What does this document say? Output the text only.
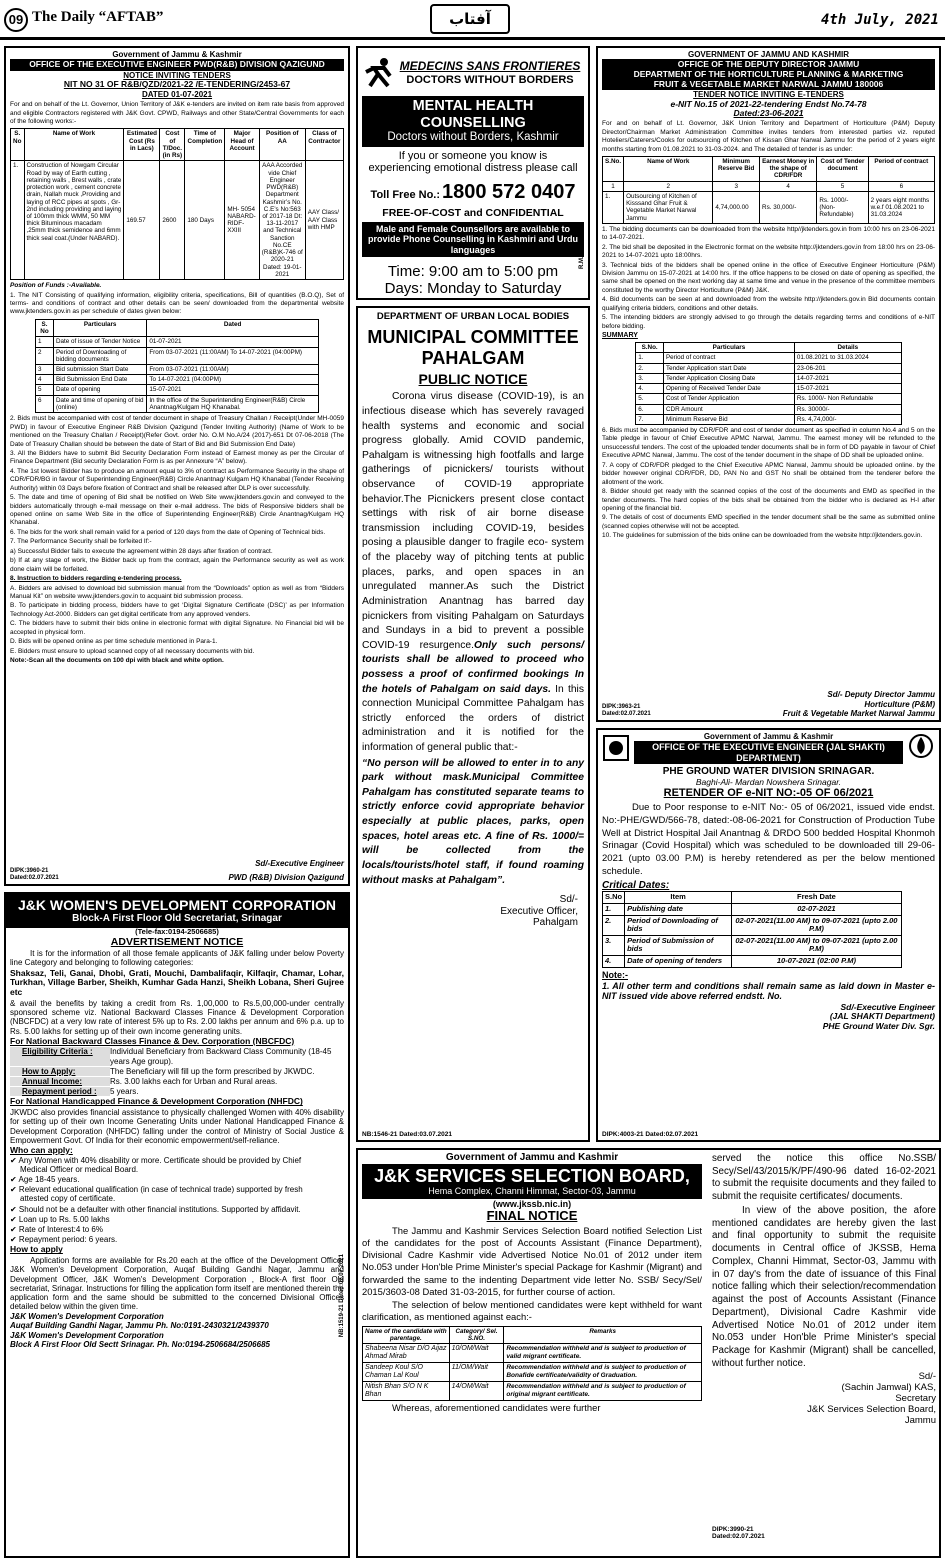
09 The Daily “AFTAB”	آفتاب	4th July, 2021
Government of Jammu & Kashmir
OFFICE OF THE EXECUTIVE ENGINEER PWD(R&B) DIVISION QAZIGUND
NOTICE INVITING TENDERS
NIT NO 31 OF R&B/QZD/2021-22 /E-TENDERING/2453-67
DATED 01-07-2021

For and on behalf of the Lt. Governor, Union Territory of J&K e-tenders are invited on item rate basis from approved and eligible Contractors registered with J&K Govt. CPWD, Railways and other State/Central Governments for each of the following works:-

S. No	Name of Work	Estimated Cost (Rs in Lacs)	Cost of T/Doc. (in Rs)	Time of Completion	Major Head of Account	Position of AA	Class of Contractor
1.	Construction of Nowgam Circular Road by way of Earth cutting , retaining walls , Brest walls , crate protection work , cement concrete drain, Nallah muck ,Providing and laying of RCC pipes at spots , Gr-2nd including providing and laying of 100mm thick WMM, 50 MM thick Bituminous macadam ,25mm thick semidence and 6mm thick seal coat.(Under NABARD).	169.57	2600	180 Days	MH- 5054 NABARD- RIDF- XXIII	AAA Accorded vide Chief Engineer PWD(R&B) Department Kashmir’s No. C.E’s No:563 of 2017-18 Dt: 13-11-2017 and Technical Sanction No.CE (R&B)K-746 of 2020-21 Dated: 19-01-2021	AAY Class/ AAY Class with HMP
Position of Funds :-Available.

1. The NIT Consisting of qualifying information, eligibility criteria, specifications, Bill of quantities (B.O.Q), Set of terms- and conditions of contract and other details can be seen/ downloaded from the departmental website www.jktenders.gov.in as per schedule of dates given below:

S. No	Particulars	Dated
1	Date of issue of Tender Notice	01-07-2021
2	Period of Downloading of bidding documents	From 03-07-2021 (11:00AM) To 14-07-2021 (04:00PM)
3	Bid submission Start Date	From 03-07-2021 (11:00AM)
4	Bid Submission End Date	To 14-07-2021 (04:00PM)
5	Date of opening	15-07-2021
6	Date and time of opening of bid (online)	In the office of the Superintending Engineer(R&B) Circle Anantnag/Kulgam HQ Khanabal.

2. Bids must be accompanied with cost of tender document in shape of Treasury Challan / Receipt(Under MH-0059 PWD) in favour of Executive Engineer R&B Division Qazigund (Tender Inviting Authority) (Name of Work to be mentioned on the Treasury Challan / Receipt)(Refer Govt. order No. O.M No.A/24 (2017)-651 Dt 07-06-2018 (The Date of Treasury Challan should be between the date of Start of Bid and Bid Submission End Date)

3. All the Bidders have to submit Bid Security Declaration Form instead of Earnest money as per the Circular of Finance Department (Bid security Declaration Form is as per Annexure “A” below).

4. The 1st lowest Bidder has to produce an amount equal to 3% of contract as Performance Security in the shape of CDR/FDR/BG in favour of Superintending Engineer(R&B) Circle Anantnag/ Kulgam HQ Khanabal (Tender Receiving Authority) within 03 Days before fixation of Contract and shall be released after DLP is over successfully.

5. The date and time of opening of Bid shall be notified on Web Site www.jktenders.gov.in and conveyed to the bidders automatically through e-mail message on their e-mail address. The bids of Responsive bidders shall be opened online on same Web Site in the office of Superintending Engineer(R&B) Circle Anantnag/Kulgam HQ Khanabal.

6. The bids for the work shall remain valid for a period of 120 days from the date of Opening of Technical bids.

7. The Performance Security shall be forfeited If:-

a) Successful Bidder fails to execute the agreement within 28 days after fixation of contract.

b) If at any stage of work, the Bidder back up from the contract, again the Performance security as well as work done claim will be forfeited.

8. Instruction to bidders regarding e-tendering process.

A. Bidders are advised to download bid submission manual from the “Downloads” option as well as from “Bidders Manual Kit” on website www.jktenders.gov.in to acquaint bid submission process.

B. To participate in bidding process, bidders have to get ‘Digital Signature Certificate (DSC)’ as per Information Technology Act-2000. Bidders can get digital certificate from any approved venders.

C. The bidders have to submit their bids online in electronic format with digital Signature. No Financial bid will be accepted in physical form.

D. Bids will be opened online as per time schedule mentioned in Para-1.

E. Bidders must ensure to upload scanned copy of all necessary documents with bid.

Note:-Scan all the documents on 100 dpi with black and white option.

Sd/-Executive Engineer
DIPK:3960-21
Dated:02.07.2021	PWD (R&B) Division Qazigund
MEDECINS SANS FRONTIERES
DOCTORS WITHOUT BORDERS
MENTAL HEALTH COUNSELLING
Doctors without Borders, Kashmir
If you or someone you know is
experiencing emotional distress please call
Toll Free No.: 1800 572 0407
FREE-OF-COST and CONFIDENTIAL
Male and Female Counsellors are available to provide Phone Counselling in Kashmiri and Urdu languages
Time: 9:00 am to 5:00 pm
Days: Monday to Saturday
R.M.S.ADS
DEPARTMENT OF URBAN LOCAL BODIES
MUNICIPAL COMMITTEE
PAHALGAM
PUBLIC NOTICE

Corona virus disease (COVID-19), is an infectious disease which has severely ravaged health systems and economic and social progress globally. Amid COVID pandemic, Pahalgam is witnessing high footfalls and large gatherings of picnickers/ tourists without observance of COVID-19 appropriate behavior.The Picnickers present close contact settings with risk of air borne disease transmission including COVID-19, besides posing a plausible danger to fragile eco- system of the placeby way of pitching tents at public places, parks, and open spaces in an unregulated manner.As such the District Administration Anantnag has barred day picnickers from visiting Pahalgam on Saturdays and Sundays in a bid to prevent a possible COVID-19 resurgence.Only such persons/ tourists shall be allowed to proceed who possess a proof of confirmed bookings In the hotels of Pahalgam on said days. In this connection Municipal Committee Pahalgam has strictly enforced the orders of district administration and it is notified for the information of general public that:-

“No person will be allowed to enter in to any park without mask.Municipal Committee Pahalgam has constituted separate teams to strictly enforce covid appropriate behavior especially at public places, parks, open spaces, hotel areas etc. A fine of Rs. 1000/= will be collected from the locals/tourists/hotel staff, if found roaming without masks at Pahalgam”.

Sd/-
Executive Officer,
Pahalgam
NB:1546-21 Dated:03.07.2021
GOVERNMENT OF JAMMU AND KASHMIR
OFFICE OF THE DEPUTY DIRECTOR JAMMU
DEPARTMENT OF THE HORTICULTURE PLANNING & MARKETING
FRUIT & VEGETABLE MARKET NARWAL JAMMU 180006
TENDER NOTICE INVITING E-TENDERS
e-NIT No.15 of 2021-22-tendering Endst No.74-78
Dated:23-06-2021

For and on behalf of Lt. Governor, J&K Union Territory and Department of Horticulture (P&M) Deputy Director/Chairman Market Administration Committee invites tenders from interested parties viz. reputed Hoteliers/Caterers/Cooks for outsourcing of Kitchen of Kissan Ghar Narwal Jammu for the period of 2 years eight months starting from 01.08.2021 to 31-03-2024. and The detailed of tender is as under:

S.No.	Name of Work	Minimum Reserve Bid	Earnest Money in the shape of CDR/FDR	Cost of Tender document	Period of contract
1	2	3	4	5	6
1.	Outsourcing of Kitchen of Kisssand Ghar Fruit & Vegetable Market Narwal Jammu	4,74,000.00	Rs. 30,000/-	Rs. 1000/- (Non-Refundable)	2 years eight months w.e.f 01.08.2021 to 31.03.2024

1. The bidding documents can be downloaded from the website http//jktenders.gov.in from 10:00 hrs on 23-06-2021 to 14-07-2021.

2. The bid shall be deposited in the Electronic format on the website http://jktenders.gov.in from 18:00 hrs on 23-06-2021 to 14-07-2021 upto 18:00hrs.

3. Technical bids of the bidders shall be opened online in the office of Executive Engineer Horticulture (P&M) Division Jammu on 15-07-2021 at 14:00 hrs. If the office happens to be closed on date of opening as specified, the same shall be opened on the next working day at same time and venue in the presence of the committee members constituted by the worthy Director Horticulture (P&M) J&K.

4. Bid documents can be seen at and downloaded from the website http://jktenders.gov.in Bid documents contain qualifying criteria bidders, conditions and other details.

5. The intending bidders are strongly advised to go through the details regarding terms and conditions of e-NIT before bidding.

SUMMARY
S.No.	Particulars	Details
1.	Period of contract	01.08.2021 to 31.03.2024
2.	Tender Application start Date	23-06-201
3.	Tender Application Closing Date	14-07-2021
4.	Opening of Received Tender Date	15-07-2021
5.	Cost of Tender Application	Rs. 1000/- Non Refundable
6.	CDR Amount	Rs. 30000/-
7.	Minimum Reserve Bid	Rs. 4,74,000/-

6. Bids must be accompanied by CDR/FDR and cost of tender document as specified in column No.4 and 5 on the Table pledge in favour of Chief Executive APMC Narwal, Jammu. The earnest money will be refunded to the unsuccessful tenders. The cost of the uploaded tender documents shall be in form of DD payable in favour of Chief Executive APMC Narwal, Jammu. The cost of the tender document in the shape of DD shall be uploaded online.

7. A copy of CDR/FDR pledged to the Chief Executive APMC Narwal, Jammu should be uploaded online. by the bidder however original CDR/FDR, DD, PAN No and GST No shall be obtained from the tenderer before the allotment of the work.

8. Bidder should get ready with the scanned copies of the cost of the documents and EMD as specified in the tender documents. The hard copies of the bids shall be obtained from the bidder who is declared as H-I after opening of the financial bid.

9. The details of cost of documents EMD specified in the tender document shall be the same as submitted online (scanned copies otherwise will not be accepted.

10. The guidelines for submission of the bids online can be downloaded from the website http://jktenders.gov.in.

Sd/- Deputy Director Jammu
DIPK:3963-21
Dated:02.07.2021
Horticulture (P&M)
Fruit & Vegetable Market Narwal Jammu
Government of Jammu & Kashmir
OFFICE OF THE EXECUTIVE ENGINEER (JAL SHAKTI) DEPARTMENT)
PHE GROUND WATER DIVISION SRINAGAR.
Baghi-Ali- Mardan Nowshera Srinagar.
RETENDER OF e-NIT NO:-05 OF 06/2021

Due to Poor response to e-NIT No:- 05 of 06/2021, issued vide endst. No:-PHE/GWD/566-78, dated:-08-06-2021 for Construction of Production Tube Well at District Hospital Jail Anantnag & DRDO 500 bedded Hospital Khonmoh Srinagar (Covid Hospital) which was scheduled to be downloaded till 29-06-2021 (upto 03.00 P.M) is hereby retendered as per the below mentioned schedule.

Critical Dates:
S.No	Item	Fresh Date
1.	Publishing date	02-07-2021
2.	Period of Downloading of bids	02-07-2021(11.00 AM) to 09-07-2021 (upto 2.00 P.M)
3.	Period of Submission of bids	02-07-2021(11.00 AM) to 09-07-2021 (upto 2.00 P.M)
4.	Date of opening of tenders	10-07-2021 (02:00 P.M)
Note:-

1. All other term and conditions shall remain same as laid down in Master e-NIT issued vide above referred endstt. No.

Sd/-Executive Engineer
(JAL SHAKTI Department)
PHE Ground Water Div. Sgr.
DIPK:4003-21 Dated:02.07.2021
J&K WOMEN'S DEVELOPMENT CORPORATION
Block-A First Floor Old Secretariat, Srinagar
(Tele-fax:0194-2506685)
ADVERTISEMENT NOTICE

It is for the information of all those female applicants of J&K falling under below Poverty line Category and belonging to following categories:

Shaksaz, Teli, Ganai, Dhobi, Grati, Mouchi, Dambalifaqir, Kilfaqir, Chamar, Lohar, Turkhan, Village Barber, Sheikh, Kumhar Gada Hanzi, Sheikh Lobana, Sheri Gujree etc

& avail the benefits by taking a credit from Rs. 1,00,000 to Rs.5,00,000-under centrally sponsored scheme viz. National Backward Classes Finance & Development Corporation (NBCFDC) at a very low rate of interest 5% up to Rs. 2.00 lakhs per annum and 6% p.a. up to Rs. 5.00 lakhs for setting up of their own income generating units.

For National Backward Classes Finance & Dev. Corporation (NBCFDC)
Eligibility Criteria :	Individual Beneficiary from Backward Class Community (18-45 years Age group).
How to Apply:	The Beneficiary will fill up the form prescribed by JKWDC.
Annual Income:	Rs. 3.00 lakhs each for Urban and Rural areas.
Repayment period :	5 years.
For National Handicapped Finance & Development Corporation (NHFDC)

JKWDC also provides financial assistance to physically challenged Women with 40% disability for setting up of their own Income Generating Units under National Handicapped Finance & Development Corporation (NHFDC) falling under the control of Ministry of Social Justice & Empowerment Govt. Of India for their economic empowerment/self-reliance.

Who can apply:
✔ Any Women with 40% disability or more. Certificate should be provided by Chief Medical Officer or medical Board.
✔ Age 18-45 years.
✔ Relevant educational qualification (in case of technical trade) supported by fresh attested copy of certificate.
✔ Should not be a defaulter with other financial institutions. Supported by affidavit.
✔ Loan up to Rs. 5.00 lakhs
✔ Rate of Interest:4 to 6%
✔ Repayment period: 6 years.
How to apply

Application forms are available for Rs.20 each at the office of the Development Officer J&K Women's Development Corporation, Auqaf Building Gandhi Nagar, Jammu and Development Officer, J&K Women's Development Corporation , Block-A first floor Old secretariat, Srinagar. Instructions for filling the application form itself are mentioned therein the application form and the same should be submitted to the concerned Divisional Offices detailed below within the given time.

J&K Women's Development Corporation
Auqaf Building Gandhi Nagar, Jammu Ph. No:0191-2430321/2439370
J&K Women's Development Corporation
Block A First Floor Old Sectt Srinagar. Ph. No:0194-2506684/2506685
NB:1519-21 Dated:02.07.2021
Government of Jammu and Kashmir
J&K SERVICES SELECTION BOARD,
Hema Complex, Channi Himmat, Sector-03, Jammu
(www.jkssb.nic.in)
FINAL NOTICE

The Jammu and Kashmir Services Selection Board notified Selection List of the candidates for the post of Accounts Assistant (Finance Department), Divisional Cadre Kashmir vide Advertised Notice No.01 of 2012 under item No.053 under Hon'ble Prime Minister's special Package for Kashmir (Migrant) and forwarded the same to the indenting Department vide letter No. SSB/ Secy/Sel/ 2015/3603-08 Dated 31-03-2015, for further course of action.

The selection of below mentioned candidates were kept withheld for want clarification, as mentioned against each:-

Name of the candidate with parentage.	Category/ Sel. S.NO.	Remarks
Shabeena Nisar D/O Aijaz Ahmad Mirab	10/OM/Wait	Recommendation withheld and is subject to production of valid migrant certificate.
Sandeep Koul S/O Chaman Lal Koul	11/OM/Wait	Recommendation withheld and is subject to production of Bonafide certificate/validity of Graduation.
Nitish Bhan S/O N K Bhan	14/OM/Wait	Recommendation withheld and is subject to production of original migrant certificate.

Whereas, aforementioned candidates were further

served the notice this office No.SSB/ Secy/Sel/43/2015/K/PF/490-96 dated 16-02-2021 to submit the requisite documents and they failed to submit the requisite certificates/ documents.

In view of the above position, the afore mentioned candidates are hereby given the last and final opportunity to submit the requisite documents in Central office of JKSSB, Hema Complex, Channi Himmat, Sector-03, Jammu with in 07 day's from the date of issuance of this Final notice falling which their selection/recommendation against the post of Accounts Assistant (Finance Department), Divisional Cadre Kashmir vide Advertised Notice No.01 of 2012 under item No.053 under Hon'ble Prime Minister's special Package for Kashmir (Migrant) shall be cancelled, without further notice.

Sd/-
(Sachin Jamwal) KAS,
Secretary
J&K Services Selection Board,
Jammu
DIPK:3990-21
Dated:02.07.2021
